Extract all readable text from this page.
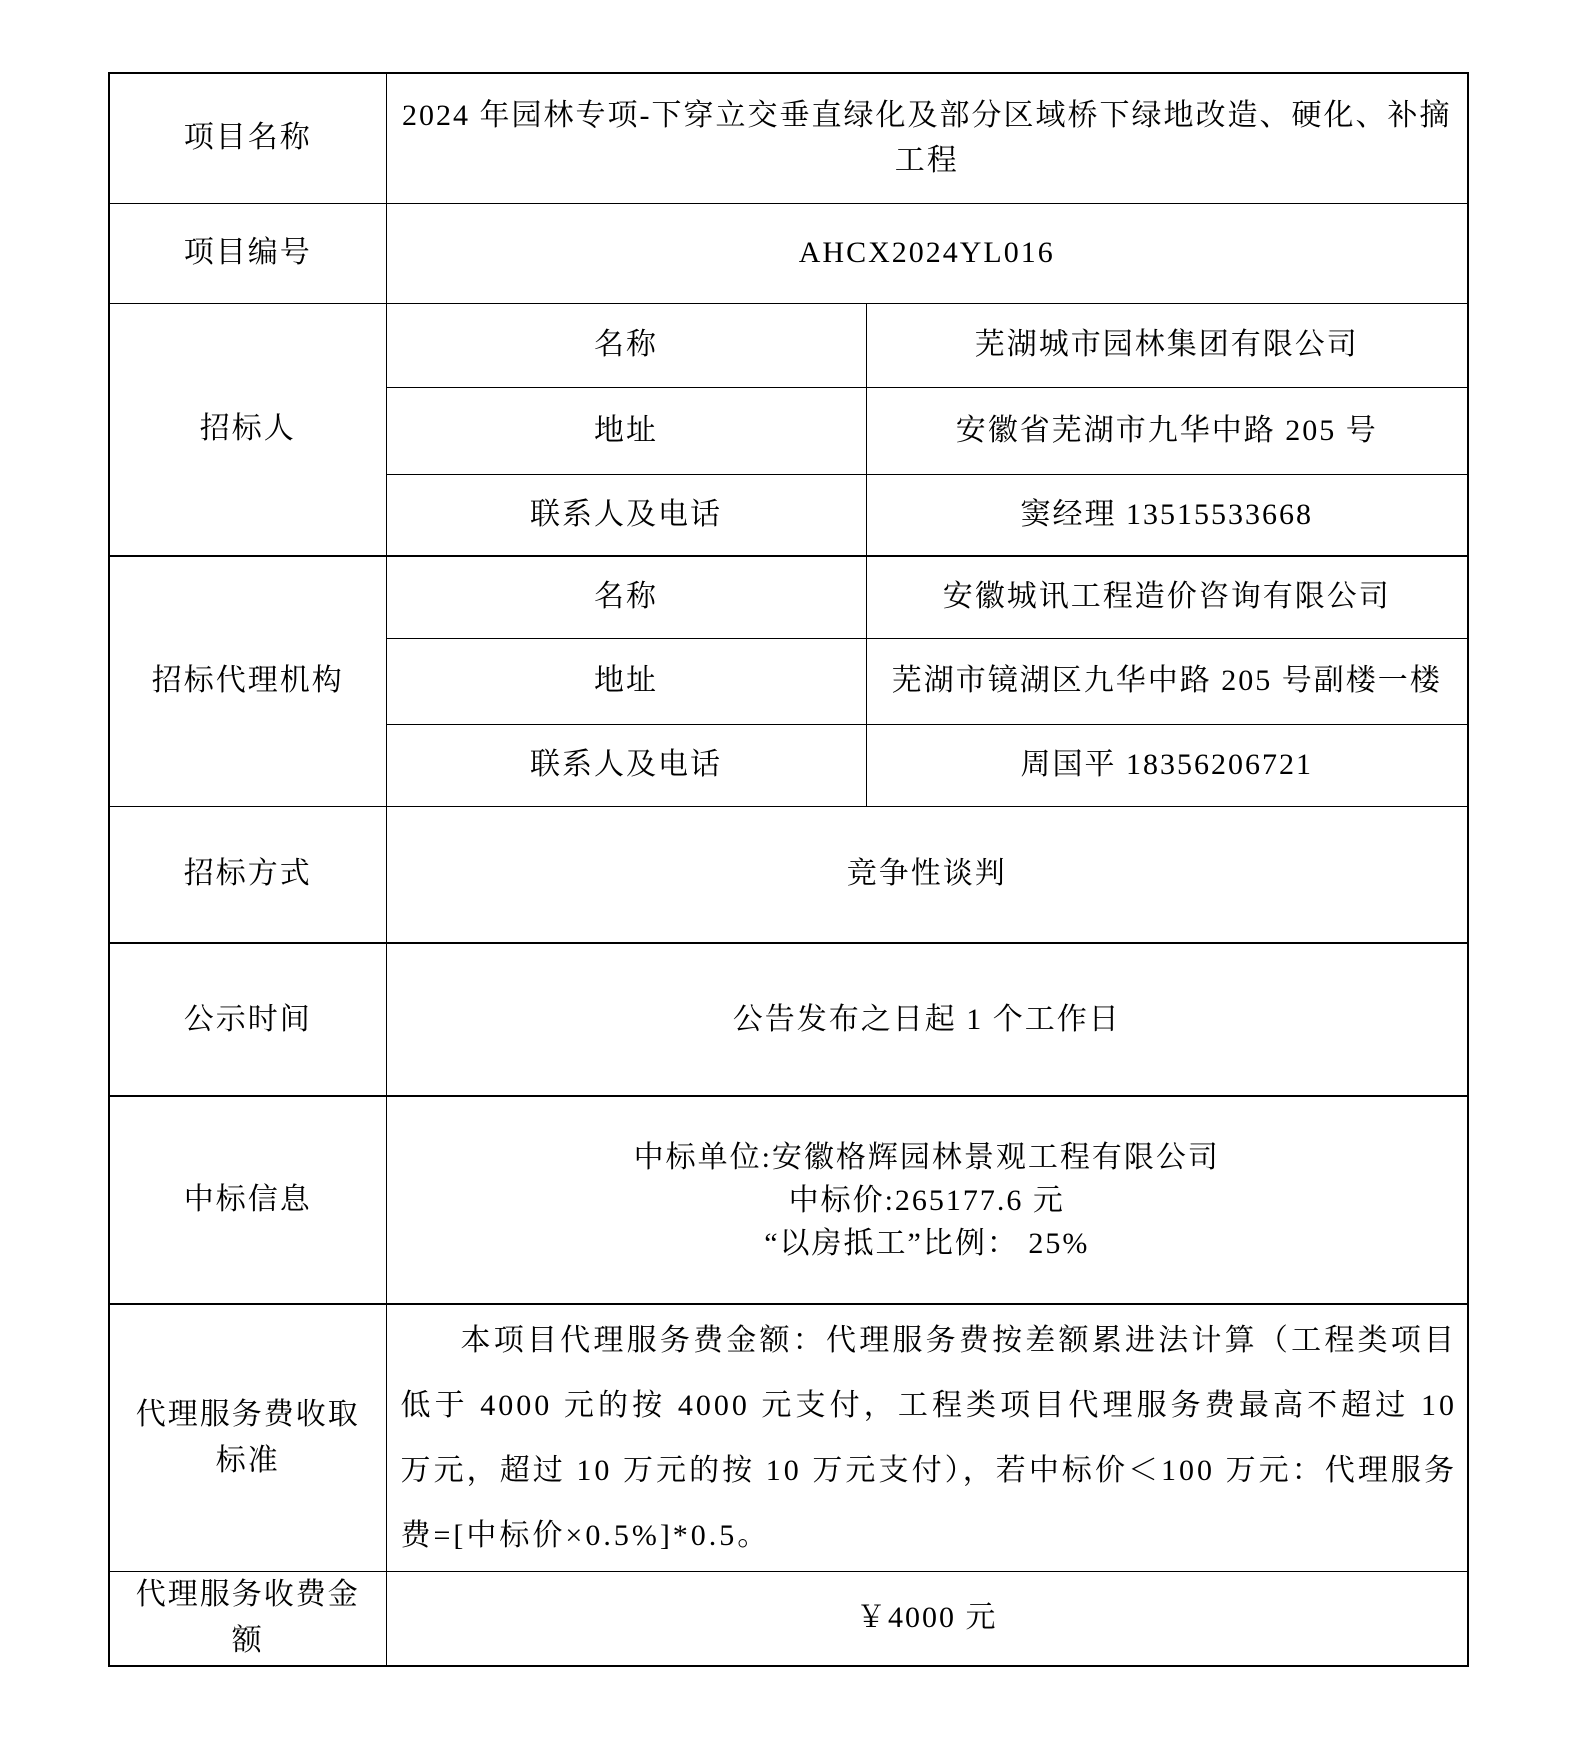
项目名称	2024 年园林专项-下穿立交垂直绿化及部分区域桥下绿地改造、硬化、补摘工程	
项目编号	AHCX2024YL016	
招标人	名称	芜湖城市园林集团有限公司
	地址	安徽省芜湖市九华中路 205 号
	联系人及电话	窦经理 13515533668
招标代理机构	名称	安徽城讯工程造价咨询有限公司
	地址	芜湖市镜湖区九华中路 205 号副楼一楼
	联系人及电话	周国平 18356206721
招标方式	竞争性谈判	
公示时间	公告发布之日起 1 个工作日	
中标信息	中标单位:安徽格辉园林景观工程有限公司
中标价:265177.6 元
“以房抵工”比例： 25%	

代理服务费收取标准	本项目代理服务费金额：代理服务费按差额累进法计算（工程类项目低于 4000 元的按 4000 元支付，工程类项目代理服务费最高不超过 10 万元，超过 10 万元的按 10 万元支付），若中标价＜100 万元：代理服务费=[中标价×0.5%]*0.5。	
代理服务收费金额	￥4000 元	
